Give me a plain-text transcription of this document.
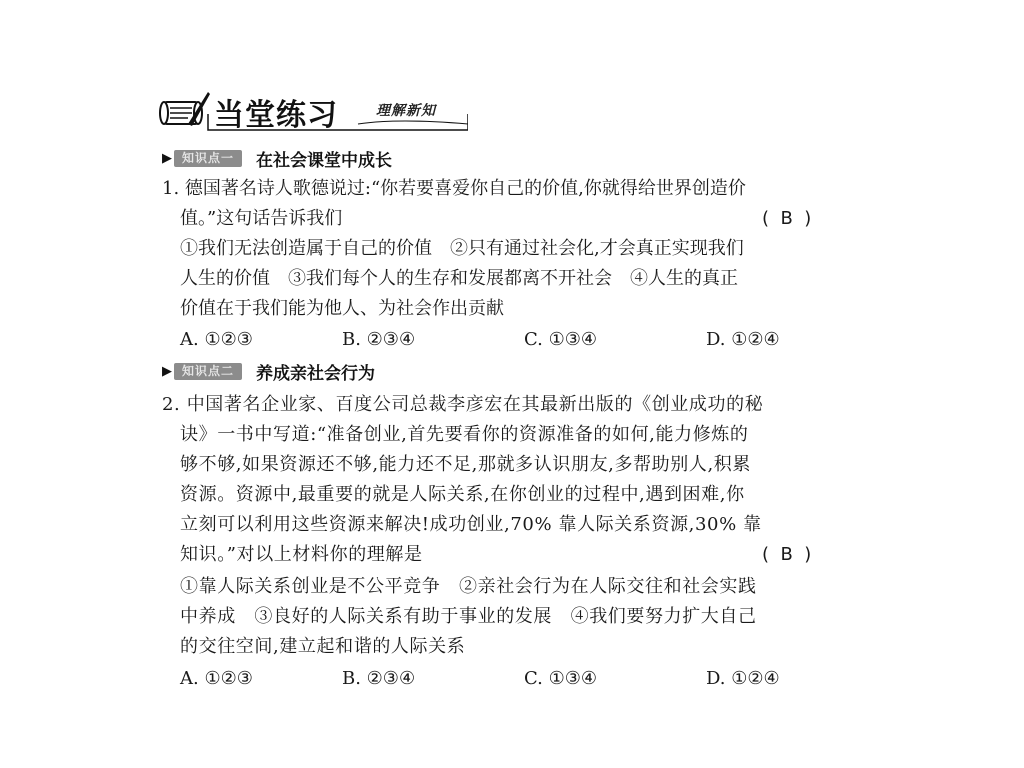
当堂练习	理解新知
▶ 知识点一	在社会课堂中成长
1. 德国著名诗人歌德说过:“你若要喜爱你自己的价值,你就得给世界创造价
值。”这句话告诉我们	(  B  )
①我们无法创造属于自己的价值　②只有通过社会化,才会真正实现我们
人生的价值　③我们每个人的生存和发展都离不开社会　④人生的真正
价值在于我们能为他人、为社会作出贡献
A. ①②③	B. ②③④	C. ①③④	D. ①②④
▶ 知识点二	养成亲社会行为
2. 中国著名企业家、百度公司总裁李彦宏在其最新出版的《创业成功的秘
诀》一书中写道:“准备创业,首先要看你的资源准备的如何,能力修炼的
够不够,如果资源还不够,能力还不足,那就多认识朋友,多帮助别人,积累
资源。资源中,最重要的就是人际关系,在你创业的过程中,遇到困难,你
立刻可以利用这些资源来解决!成功创业,70% 靠人际关系资源,30% 靠
知识。”对以上材料你的理解是	(  B  )
①靠人际关系创业是不公平竞争　②亲社会行为在人际交往和社会实践
中养成　③良好的人际关系有助于事业的发展　④我们要努力扩大自己
的交往空间,建立起和谐的人际关系
A. ①②③	B. ②③④	C. ①③④	D. ①②④
